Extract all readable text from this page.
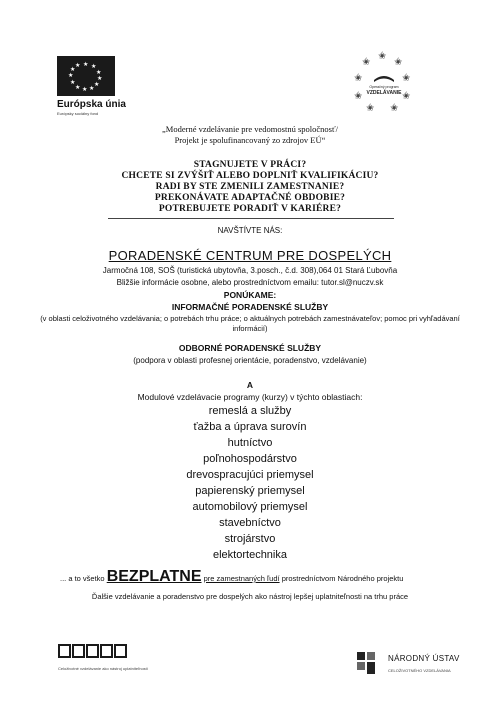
★ ★
★
★
★
★
★
★
★
★
★
★
Európska únia
Európsky sociálny fond
✬
✬
✬
✬	✬
✬	✬
✬ ✬
Operačný program
VZDELÁVANIE
„Moderné vzdelávanie pre vedomostnú spoločnosť/
Projekt je spolufinancovaný zo zdrojov EÚ“
STAGNUJETE V PRÁCI?
CHCETE SI ZVÝŠIŤ ALEBO DOPLNIŤ KVALIFIKÁCIU?
RADI BY STE ZMENILI ZAMESTNANIE?
PREKONÁVATE ADAPTAČNÉ OBDOBIE?
POTREBUJETE PORADIŤ V KARIÉRE?
NAVŠTÍVTE NÁS:
PORADENSKÉ CENTRUM PRE DOSPELÝCH
Jarmočná 108, SOŠ (turistická ubytovňa, 3.posch., č.d. 308),064 01 Stará Ľubovňa
Bližšie informácie osobne, alebo prostredníctvom emailu: tutor.sl@nuczv.sk
PONÚKAME:
INFORMAČNÉ PORADENSKÉ SLUŽBY
(v oblasti celoživotného vzdelávania; o potrebách trhu práce; o aktuálnych potrebách zamestnávateľov; pomoc pri vyhľadávaní informácií)
ODBORNÉ PORADENSKÉ SLUŽBY
(podpora v oblasti profesnej orientácie, poradenstvo, vzdelávanie)
A
Modulové vzdelávacie programy (kurzy) v týchto oblastiach:
remeslá a služby
ťažba a úprava surovín
hutníctvo
poľnohospodárstvo
drevospracujúci priemysel
papierenský priemysel
automobilový priemysel
stavebníctvo
strojárstvo
elektortechnika
... a to všetko BEZPLATNE pre zamestnaných ľudí prostredníctvom Národného projektu
Ďalšie vzdelávanie a poradenstvo pre dospelých ako nástroj lepšej uplatniteľnosti na trhu práce
Celoživotné vzdelávanie ako nástroj uplatniteľnosti
NÁRODNÝ ÚSTAV
CELOŽIVOTNÉHO VZDELÁVANIA
